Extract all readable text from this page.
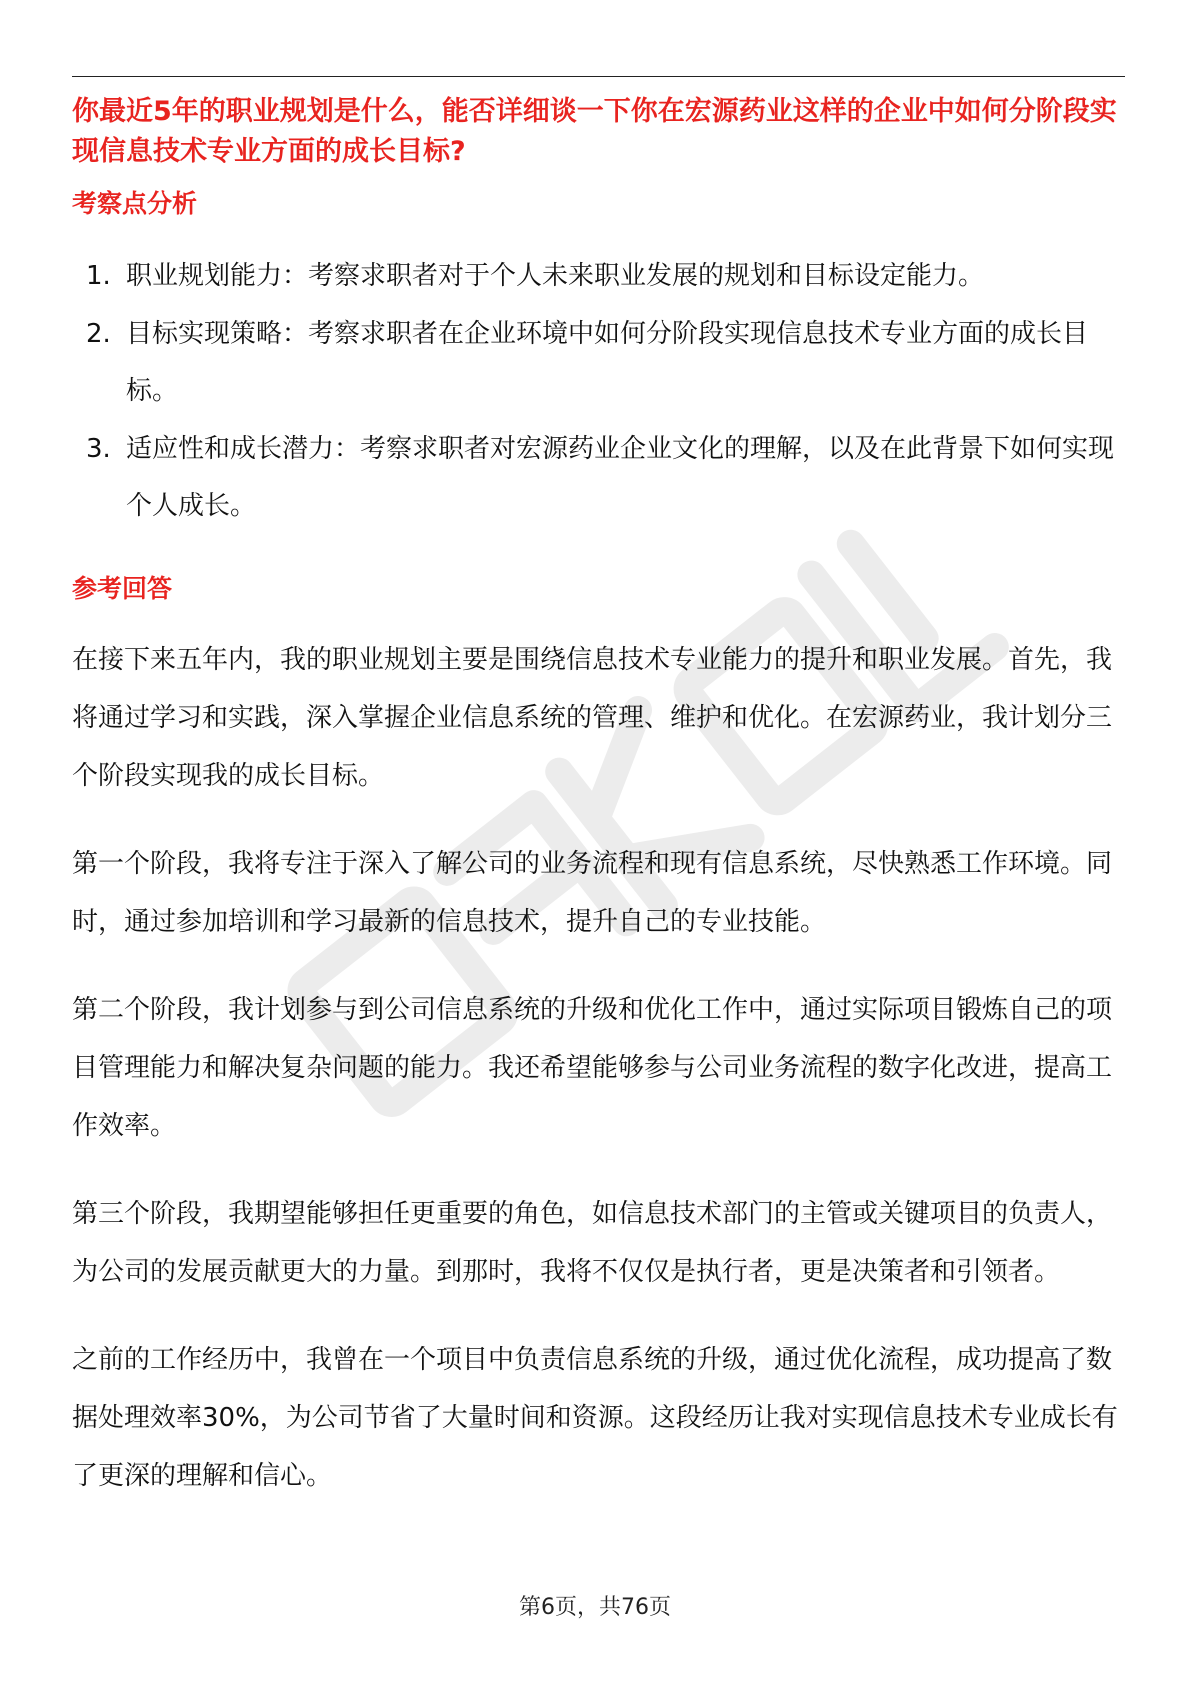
你最近5年的职业规划是什么，能否详细谈一下你在宏源药业这样的企业中如何分阶段实现信息技术专业方面的成长目标?

考察点分析
1. 职业规划能力：考察求职者对于个人未来职业发展的规划和目标设定能力。
2. 目标实现策略：考察求职者在企业环境中如何分阶段实现信息技术专业方面的成长目标。
3. 适应性和成长潜力：考察求职者对宏源药业企业文化的理解，以及在此背景下如何实现个人成长。
参考回答

在接下来五年内，我的职业规划主要是围绕信息技术专业能力的提升和职业发展。首先，我将通过学习和实践，深入掌握企业信息系统的管理、维护和优化。在宏源药业，我计划分三个阶段实现我的成长目标。

第一个阶段，我将专注于深入了解公司的业务流程和现有信息系统，尽快熟悉工作环境。同时，通过参加培训和学习最新的信息技术，提升自己的专业技能。

第二个阶段，我计划参与到公司信息系统的升级和优化工作中，通过实际项目锻炼自己的项目管理能力和解决复杂问题的能力。我还希望能够参与公司业务流程的数字化改进，提高工作效率。

第三个阶段，我期望能够担任更重要的角色，如信息技术部门的主管或关键项目的负责人，为公司的发展贡献更大的力量。到那时，我将不仅仅是执行者，更是决策者和引领者。

之前的工作经历中，我曾在一个项目中负责信息系统的升级，通过优化流程，成功提高了数据处理效率30%，为公司节省了大量时间和资源。这段经历让我对实现信息技术专业成长有了更深的理解和信心。

第6页，共76页
